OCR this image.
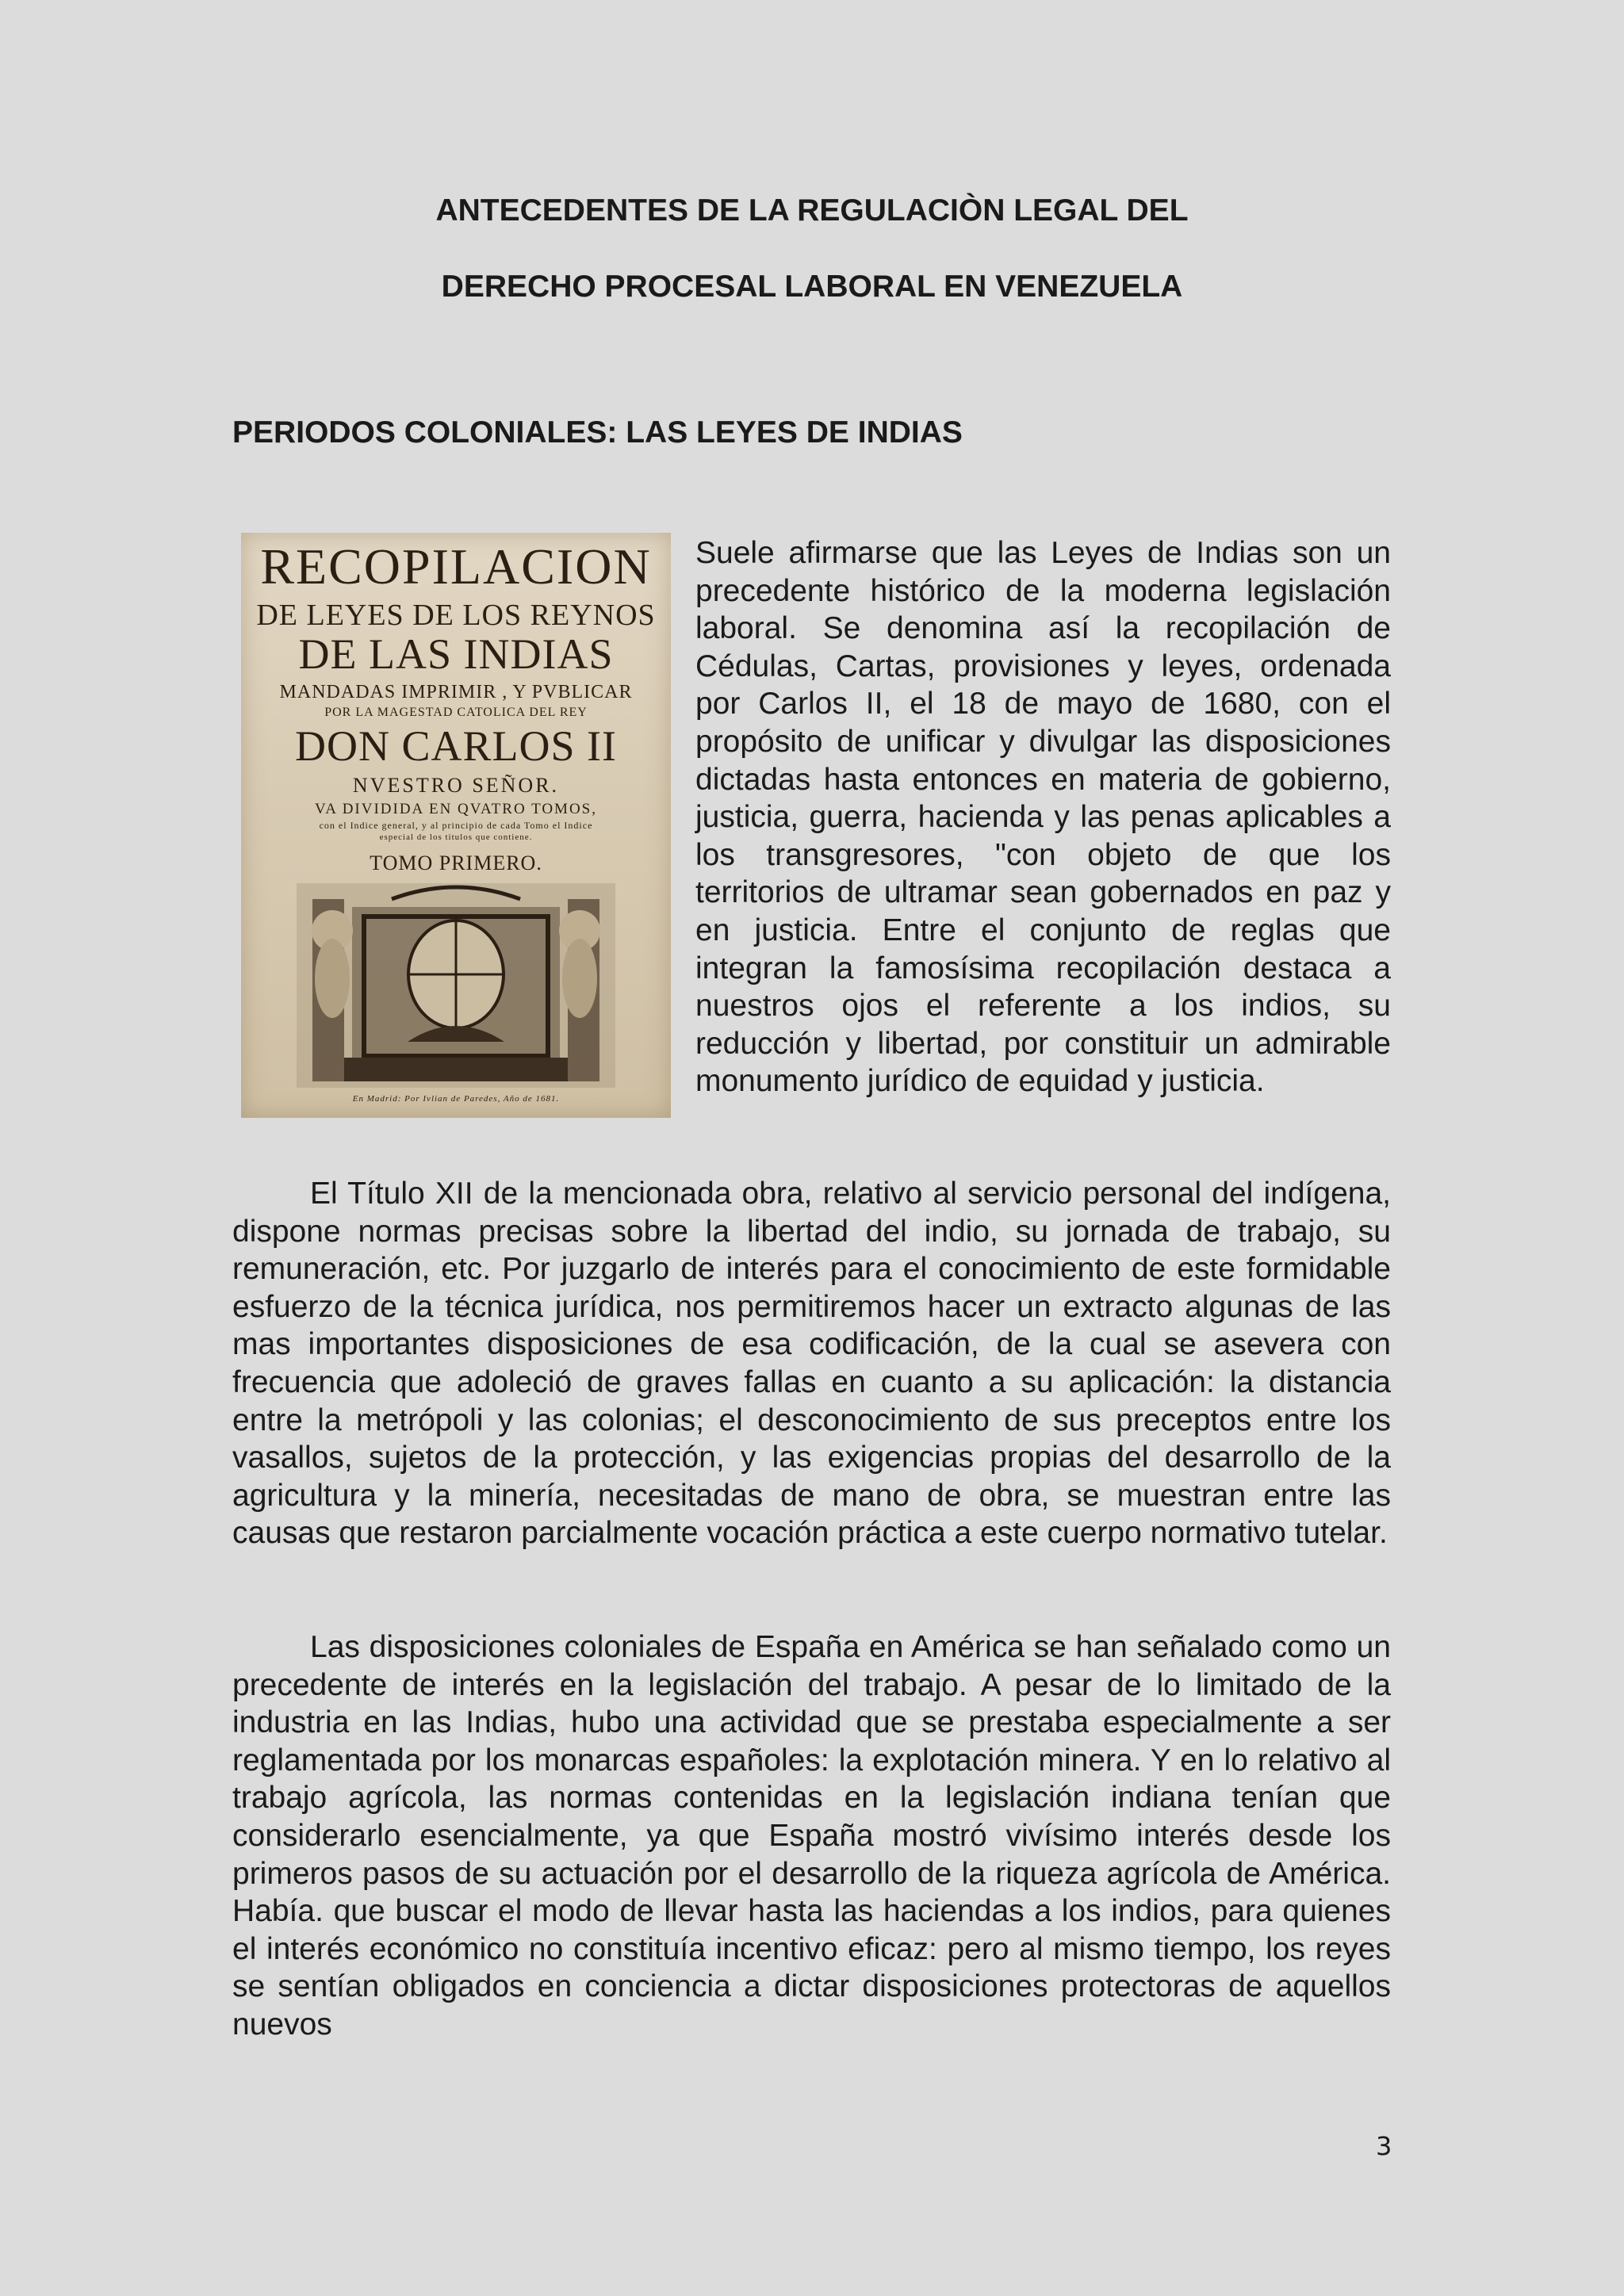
ANTECEDENTES DE LA REGULACIÒN LEGAL DEL
DERECHO PROCESAL LABORAL EN VENEZUELA
PERIODOS COLONIALES: LAS LEYES DE INDIAS
RECOPILACION
DE LEYES DE LOS REYNOS
DE LAS INDIAS
MANDADAS IMPRIMIR , Y PVBLICAR
POR LA MAGESTAD CATOLICA DEL REY
DON CARLOS II
NVESTRO SEÑOR.
VA DIVIDIDA EN QVATRO TOMOS,
con el Indice general, y al principio de cada Tomo el Indice
especial de los titulos que contiene.
TOMO PRIMERO.
En Madrid: Por Ivlian de Paredes, Año de 1681.

Suele afirmarse que las Leyes de Indias son un precedente histórico de la moderna legislación laboral. Se denomina así la recopilación de Cédulas, Cartas, provisiones y leyes, ordenada por Carlos II, el 18 de mayo de 1680, con el propósito de unificar y divulgar las disposiciones dictadas hasta entonces en materia de gobierno, justicia, guerra, hacienda y las penas aplicables a los transgresores, "con objeto de que los territorios de ultramar sean gobernados en paz y en justicia. Entre el conjunto de reglas que integran la famosísima recopilación destaca a nuestros ojos el referente a los indios, su reducción y libertad, por constituir un admirable monumento jurídico de equidad y justicia.

El Título XII de la mencionada obra, relativo al servicio personal del indígena, dispone normas precisas sobre la libertad del indio, su jornada de trabajo, su remuneración, etc. Por juzgarlo de interés para el conocimiento de este formidable esfuerzo de la técnica jurídica, nos permitiremos hacer un extracto algunas de las mas importantes disposiciones de esa codificación, de la cual se asevera con frecuencia que adoleció de graves fallas en cuanto a su aplicación: la distancia entre la metrópoli y las colonias; el desconocimiento de sus preceptos entre los vasallos, sujetos de la protección, y las exigencias propias del desarrollo de la agricultura y la minería, necesitadas de mano de obra, se muestran entre las causas que restaron parcialmente vocación práctica a este cuerpo normativo tutelar.

Las disposiciones coloniales de España en América se han señalado como un precedente de interés en la legislación del trabajo. A pesar de lo limitado de la industria en las Indias, hubo una actividad que se prestaba especialmente a ser reglamentada por los monarcas españoles: la explotación minera. Y en lo relativo al trabajo agrícola, las normas contenidas en la legislación indiana tenían que considerarlo esencialmente, ya que España mostró vivísimo interés desde los primeros pasos de su actuación por el desarrollo de la riqueza agrícola de América. Había. que buscar el modo de llevar hasta las haciendas a los indios, para quienes el interés económico no constituía incentivo eficaz: pero al mismo tiempo, los reyes se sentían obligados en conciencia a dictar disposiciones protectoras de aquellos nuevos

3
